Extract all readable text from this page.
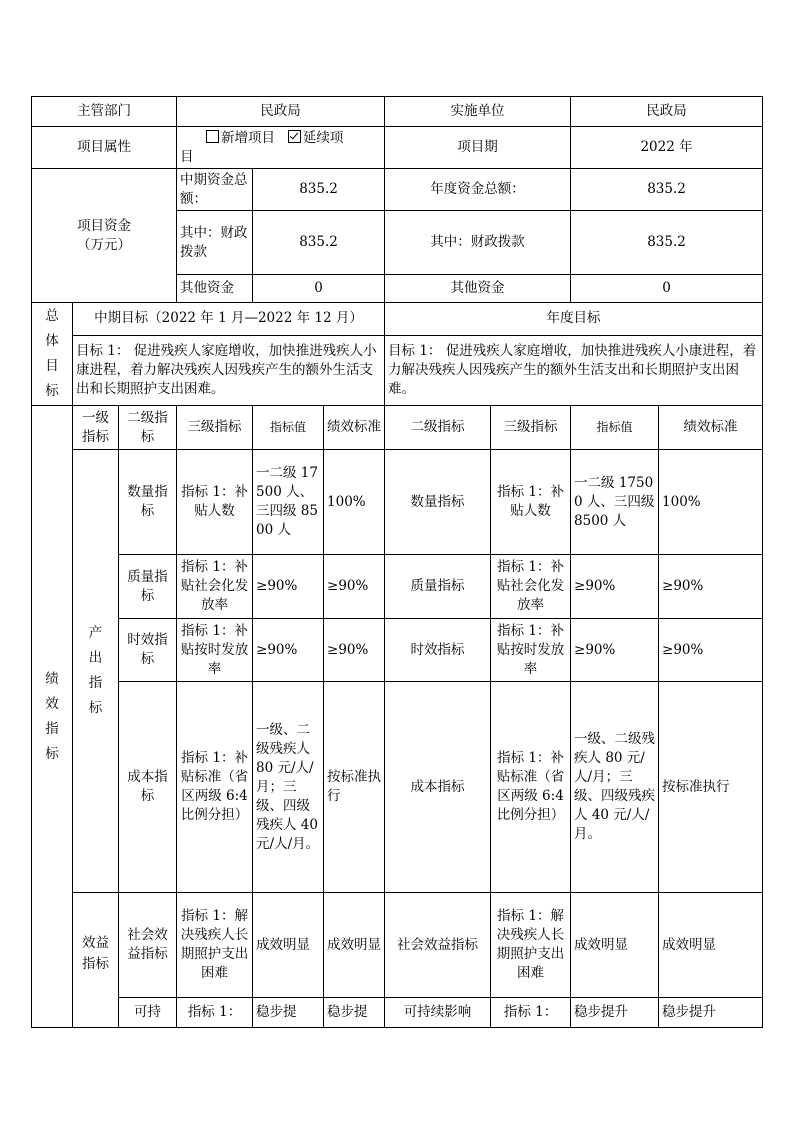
主管部门			民政局			实施单位		民政局	
项目属性			新增项目 延续项
目			项目期		2022 年	
项目资金
（万元）			中期资金总额：	835.2		年度资金总额：		835.2	
			其中：财政拨款	835.2		其中：财政拨款		835.2	
			其他资金	0		其他资金		0	
总体目标	中期目标（2022 年 1 月—2022 年 12 月）					年度目标			
	目标 1： 促进残疾人家庭增收，加快推进残疾人小康进程，着力解决残疾人因残疾产生的额外生活支出和长期照护支出困难。					目标 1： 促进残疾人家庭增收，加快推进残疾人小康进程，着力解决残疾人因残疾产生的额外生活支出和长期照护支出困难。			
绩效指标	一级指标	二级指标	三级指标	指标值	绩效标准	二级指标	三级指标	指标值	绩效标准
	产出指标	数量指标	指标 1：补贴人数	一二级 17500 人、三四级 8500 人	100%	数量指标	指标 1：补贴人数	一二级 17500 人、三四级 8500 人	100%
		质量指标	指标 1：补贴社会化发放率	≥90%	≥90%	质量指标	指标 1：补贴社会化发放率	≥90%	≥90%
		时效指标	指标 1：补贴按时发放率	≥90%	≥90%	时效指标	指标 1：补贴按时发放率	≥90%	≥90%
		成本指标	指标 1：补贴标准（省区两级 6:4 比例分担）	一级、二级残疾人 80 元/人/月；三级、四级残疾人 40 元/人/月。	按标准执行	成本指标	指标 1：补贴标准（省区两级 6:4 比例分担）	一级、二级残疾人 80 元/人/月；三级、四级残疾人 40 元/人/月。	按标准执行
	效益指标	社会效益指标	指标 1：解决残疾人长期照护支出困难	成效明显	成效明显	社会效益指标	指标 1：解决残疾人长期照护支出困难	成效明显	成效明显
		可持	指标 1：	稳步提	稳步提	可持续影响	指标 1：	稳步提升	稳步提升
